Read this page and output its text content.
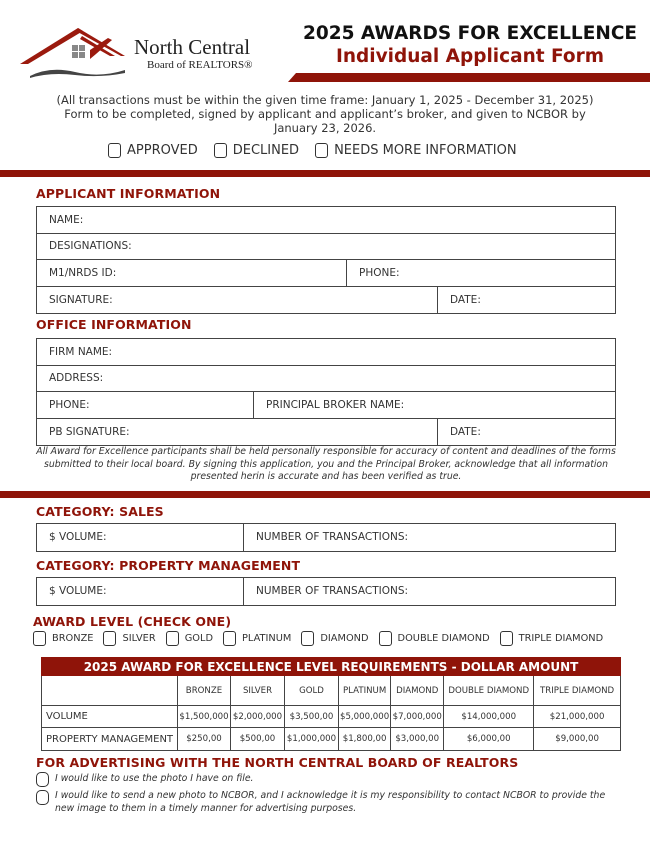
North Central
Board of REALTORS®
2025 AWARDS FOR EXCELLENCE
Individual Applicant Form
(All transactions must be within the given time frame: January 1, 2025 - December 31, 2025)
Form to be completed, signed by applicant and applicant’s broker, and given to NCBOR by
January 23, 2026.
APPROVED	DECLINED	NEEDS MORE INFORMATION
APPLICANT INFORMATION
NAME:
DESIGNATIONS:
M1/NRDS ID:	PHONE:
SIGNATURE:	DATE:
OFFICE INFORMATION
FIRM NAME:
ADDRESS:
PHONE:	PRINCIPAL BROKER NAME:
PB SIGNATURE:	DATE:
All Award for Excellence participants shall be held personally responsible for accuracy of content and deadlines of the forms submitted to their local board. By signing this application, you and the Principal Broker, acknowledge that all information presented herin is accurate and has been verified as true.
CATEGORY: SALES
$ VOLUME:	NUMBER OF TRANSACTIONS:
CATEGORY: PROPERTY MANAGEMENT
$ VOLUME:	NUMBER OF TRANSACTIONS:
AWARD LEVEL (CHECK ONE)
BRONZE	SILVER	GOLD	PLATINUM	DIAMOND	DOUBLE DIAMOND	TRIPLE DIAMOND
2025 AWARD FOR EXCELLENCE LEVEL REQUIREMENTS - DOLLAR AMOUNT							
	BRONZE	SILVER	GOLD	PLATINUM	DIAMOND	DOUBLE DIAMOND	TRIPLE DIAMOND
VOLUME	$1,500,000	$2,000,000	$3,500,00	$5,000,000	$7,000,000	$14,000,000	$21,000,000
PROPERTY MANAGEMENT	$250,00	$500,00	$1,000,000	$1,800,00	$3,000,00	$6,000,00	$9,000,00
FOR ADVERTISING WITH THE NORTH CENTRAL BOARD OF REALTORS
I would like to use the photo I have on file.
I would like to send a new photo to NCBOR, and I acknowledge it is my responsibility to contact NCBOR to provide the new image to them in a timely manner for advertising purposes.
